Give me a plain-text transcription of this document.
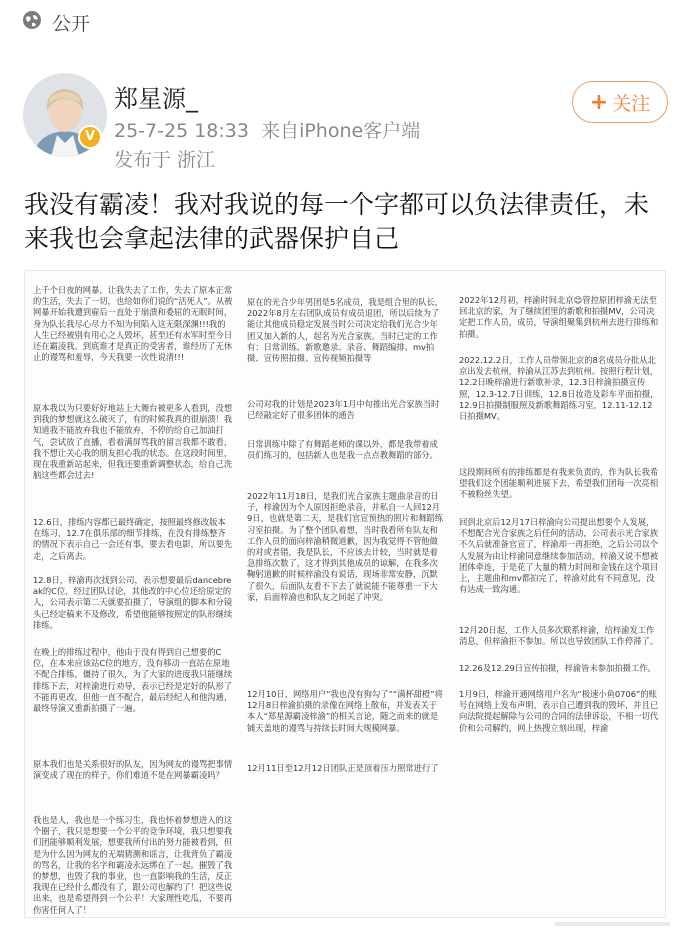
公开
V
郑星源_
25-7-25 18:33 来自iPhone客户端
发布于 浙江
+ 关注
我没有霸凌！我对我说的每一个字都可以负法律责任，未来我也会拿起法律的武器保护自己
上千个日夜的网暴，让我失去了工作，失去了原本正常的生活，失去了一切，也给如你们说的“活死人”。从被网暴开始我遭到雇后一直处于崩溃和委屈的无眠时间，身为队长我尽心尽力不知为何陷入这无限深渊!!!我的人生已经被别有用心之人毁坏，甚至还有水军时至今日还在霸凌我。到底谁才是真正的受害者，谁经历了无休止的谩骂和羞辱，今天我要一次性说清!!!
原本我以为只要好好地站上大舞台被更多人看到，没想到我的梦想就这么破灭了，有的时候我真的很崩溃！我知道我不能放弃我也不能放弃，不停的给自己加油打气，尝试放了直播，看着满屏骂我的留言我都不敢看，我不想让关心我的朋友担心我的状态。在这段时间里，现在我重新站起来，但我还要重新调整状态，给自己洗脑这些都会过去!
12.6日，排练内容都已最终确定，按照最终修改版本在练习，12.7在俱乐部的细节排练，在没有排练整齐的情况下表示自己一会还有事，要去看电影，所以要先走，之后离去。
12.8日，梓渝再次找到公司，表示想要最后dancebreak的C位，经过团队讨论，其他改的中心位还给原定的人，公司表示第二天就要拍摄了，导演组的脚本和分镜头已经定稿来不及修改，希望他能够按照定的队形继续排练。
在晚上的排练过程中，他由于没有得到自己想要的C位，在本来应该站C位的地方，没有移动一直站在原地不配合排练，僵持了很久，为了大家的进度我只能继续排练下去，对梓渝进行劝导，表示已经是定好的队形了不能再更改，但他一直不配合，最后经纪人和他沟通，最终导演又重新拍摄了一遍。
原本我们也是关系很好的队友，因为网友的谩骂把事情演变成了现在的样子，你们难道不是在网暴霸凌吗？
我也是人，我也是一个练习生，我也怀着梦想进入的这个圈子，我只是想要一个公平的竞争环境，我只想要我们团能够顺利发展，想要我所付出的努力能被看到，但是为什么因为网友的无端猜测和谣言，让我背负了霸凌的骂名，让我的名字和霸凌永远绑在了一起。摧毁了我的梦想，也毁了我的事业，也一直影响我的生活，反正我现在已经什么都没有了，跟公司也解约了！把这些说出来，也是希望得到一个公平！大家理性吃瓜，不要再伤害任何人了！
原在的光合少年男团是5名成员，我是组合里的队长，2022年8月左右团队成员有成员退团，所以后续为了能让其他成员稳定发展当时公司决定给我们光合少年团又加入新的人，起名为光合家族。当时已定的工作有：日常训练、新歌邀录、录音、舞蹈编排、mv拍摄、宣传照拍摄、宣传视频拍摄等
公司对我的计划是2023年1月中旬推出光合家族当时已经敲定好了很多团体的通告
日常训练中除了有舞蹈老师的课以外，都是我带着成员们练习的，包括新人也是我一点点教舞蹈的部分。
2022年11月18日，是我们光合家族主题曲录音的日子，梓渝因为个人原因拒绝录音，并私自一人回12月9日，也就是第二天，是我们官宣预热的照片和舞蹈练习室拍摄。为了整个团队着想，当时我看所有队友和工作人员的面向梓渝稍微道歉，因为我觉得不管他做的对或者错，我是队长，不应该去计较，当时就是着急排练次数了，这才得到其他成员的谅解，在我多次鞠躬道歉的时候梓渝没有说话，现场非常安静，沉默了很久，后面队友看不下去了就说能不能尊重一下大家，后面梓渝也和队友之间起了冲突。
12月10日，网络用户“我也没有狗勾了”“满杯甜橙”将12月8日梓渝拍摄的录像在网络上散布，并发表关于本人“郑星源霸凌梓渝”的相关言论，随之而来的就是铺天盖地的谩骂与持续长时间大规模网暴。
12月11日至12月12日团队正是顶着压力照常进行了
2022年12月初，梓渝时间北京😊管控原团梓渝无法至回北京的家，为了继续团里的新歌和拍摄MV，公司决定把工作人员，成员，导演组聚集到杭州去进行排练和拍摄。
2022.12.2日，工作人员带领北京的8名成员分批从北京出发去杭州，梓渝从江苏去到杭州。按照行程计划，12.2日晚梓渝进行新歌补录，12.3日梓渝拍摄宣传照，12.3-12.7日训练，12.8日妆造及彩车平面拍摄，12.9日拍摄制服照及新歌舞蹈练习室，12.11-12.12日拍摄MV。
这段期间所有的排练都是有我来负责的，作为队长我希望我们这个团能顺利进展下去，希望我们团每一次亮相不被粉丝失望。
回到北京后12月17日梓渝向公司提出想要个人发展，不想配合光合家族之后任何的活动，公司表示光合家族不久后就准备官宣了，梓渝却一再拒绝，之后公司以个人发展为由让梓渝同意继续参加活动，梓渝又说不想被团体牵连，于是花了大量的精力时间和金钱在这个项目上，主题曲和mv都拍完了，梓渝对此有不同意见，没有达成一致沟通。
12月20日起，工作人员多次联系梓渝，给梓渝发工作消息，但梓渝拒不参加。所以也导致团队工作停滞了。
12.26及12.29日宣传拍摄，梓渝皆未参加拍摄工作。
1月9日，梓渝开通网络用户名为“极速小鱼0706”的账号在网络上发布声明，表示自己遭到我的毁坏，并且已向法院提起解除与公司的合同的法律诉讼，不相一切代价和公司解约，网上热搜立刻出现，梓渝
